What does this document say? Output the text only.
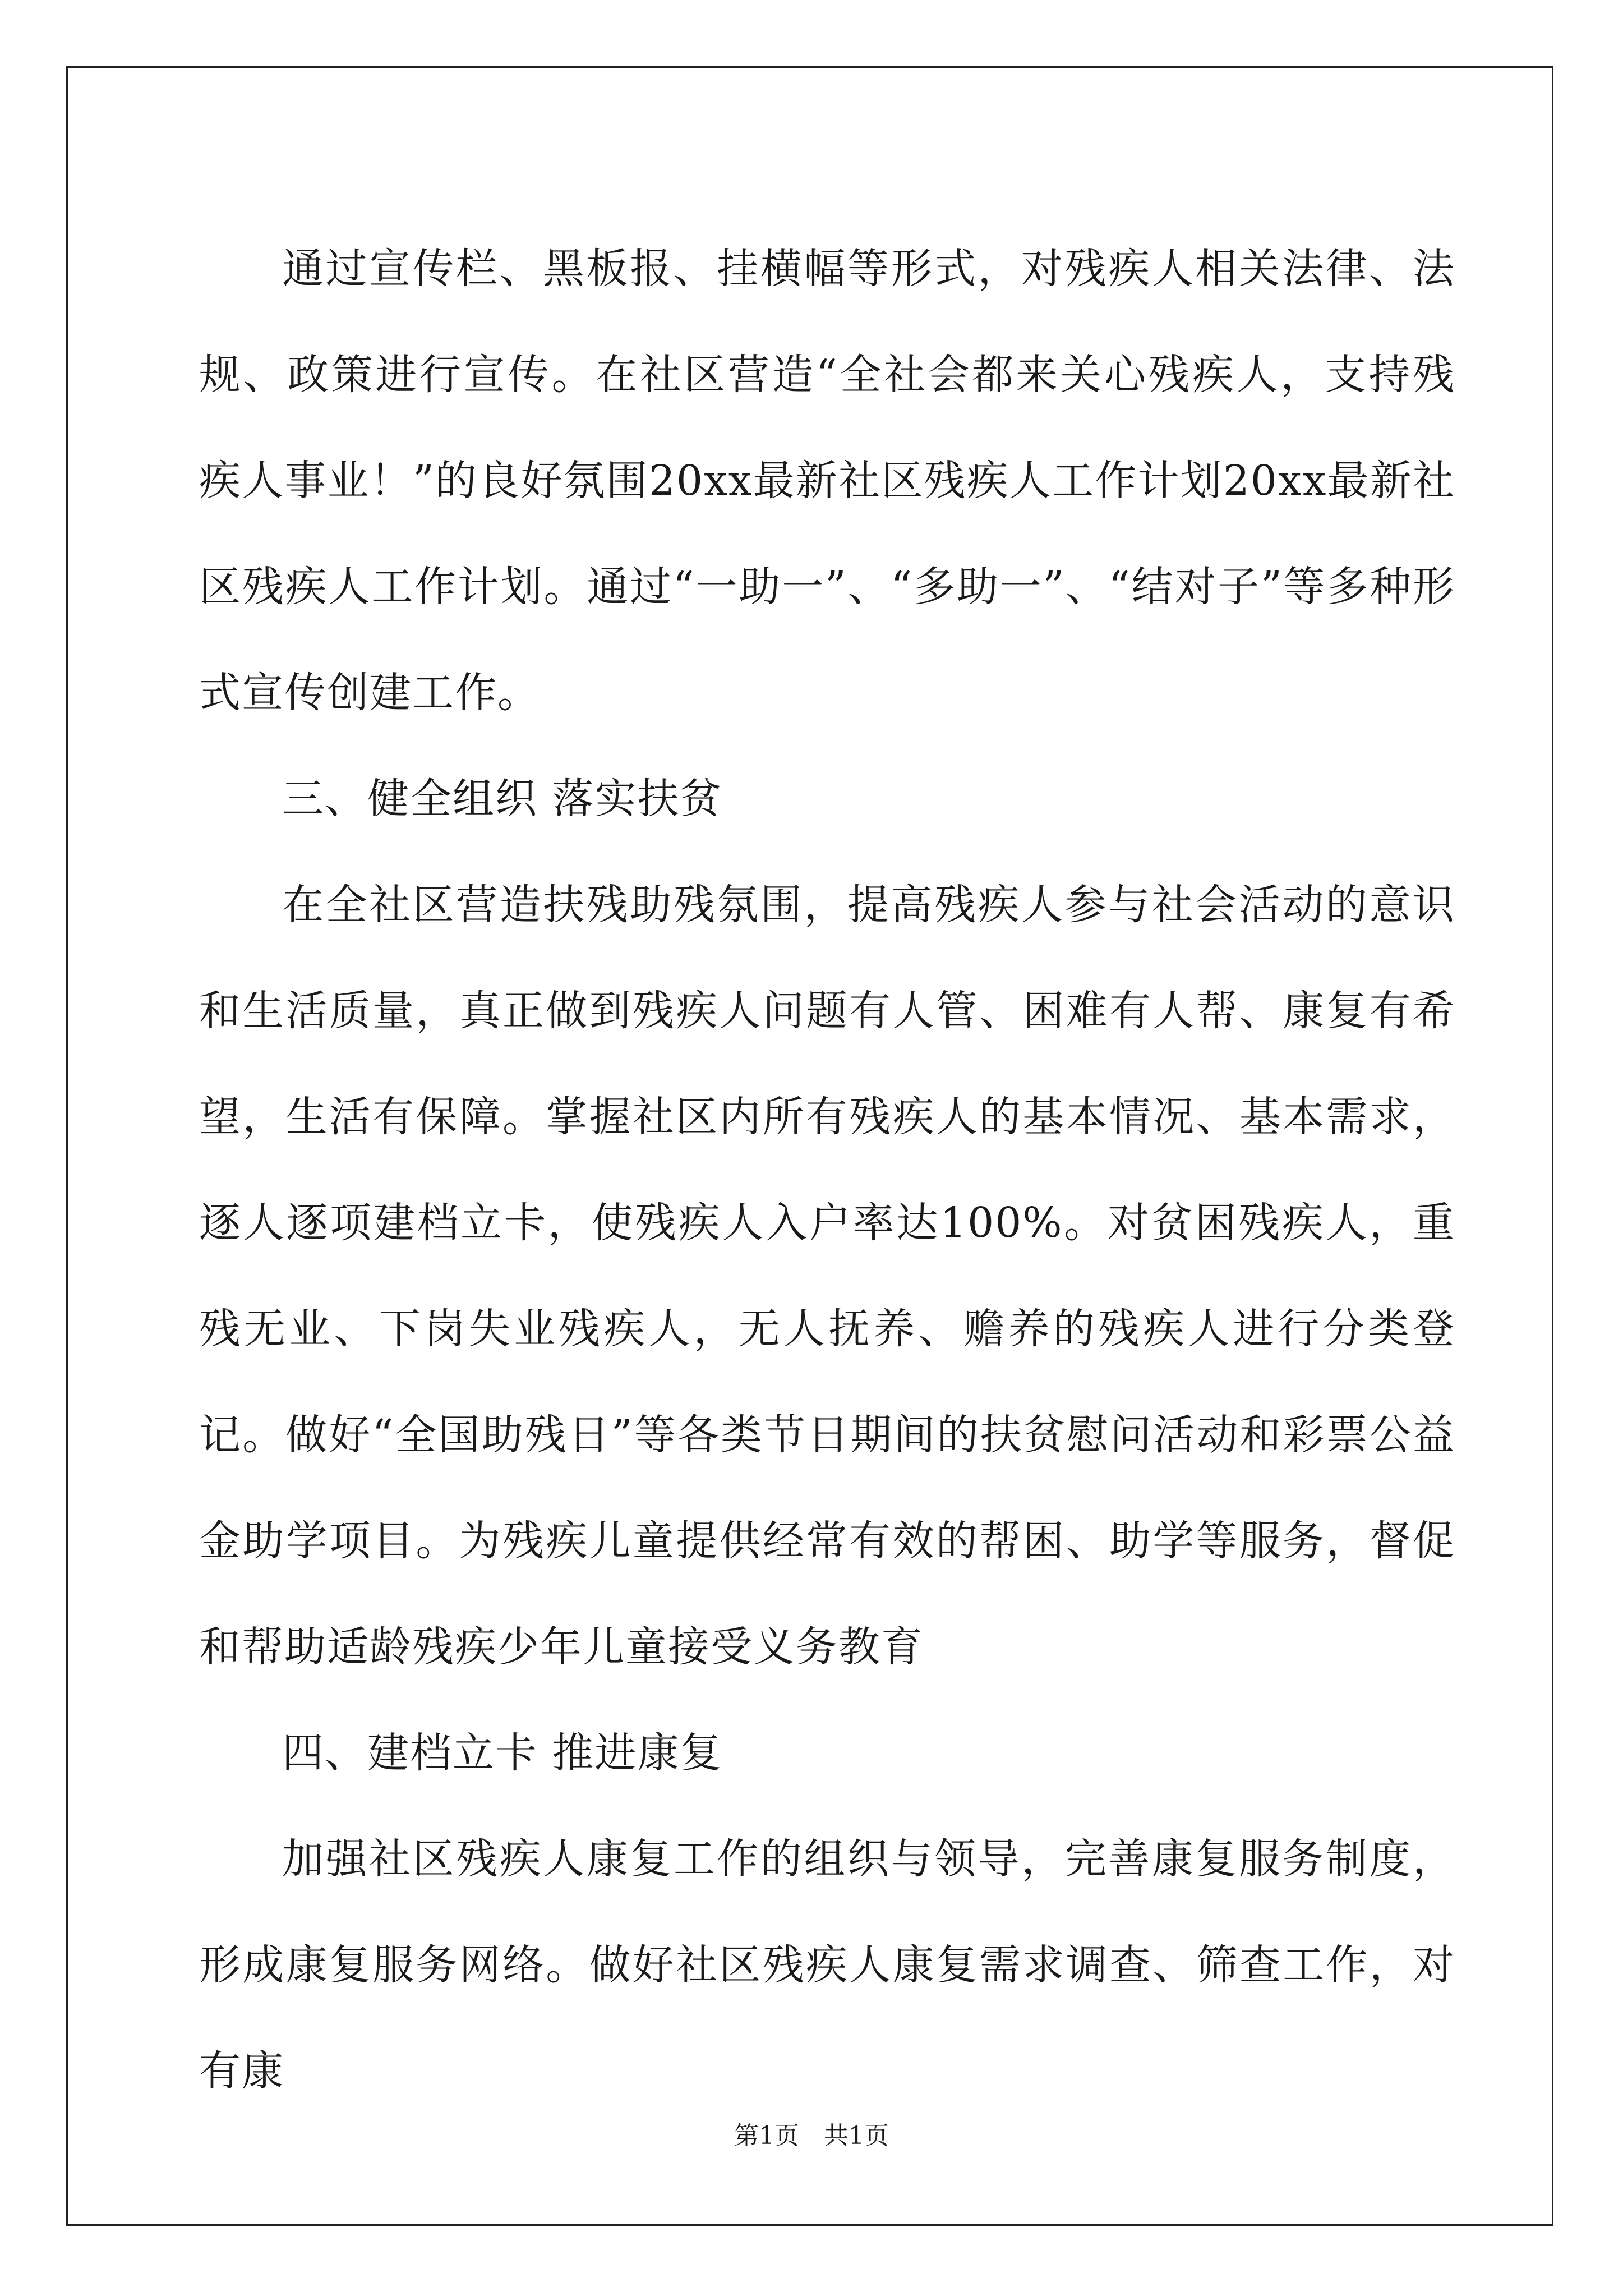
通过宣传栏、黑板报、挂横幅等形式，对残疾人相关法律、法规、政策进行宣传。在社区营造“全社会都来关心残疾人，支持残疾人事业！”的良好氛围20xx最新社区残疾人工作计划20xx最新社区残疾人工作计划。通过“一助一”、“多助一”、“结对子”等多种形式宣传创建工作。

三、健全组织 落实扶贫

在全社区营造扶残助残氛围，提高残疾人参与社会活动的意识和生活质量，真正做到残疾人问题有人管、困难有人帮、康复有希望，生活有保障。掌握社区内所有残疾人的基本情况、基本需求，逐人逐项建档立卡，使残疾人入户率达100%。对贫困残疾人，重残无业、下岗失业残疾人，无人抚养、赡养的残疾人进行分类登记。做好“全国助残日”等各类节日期间的扶贫慰问活动和彩票公益金助学项目。为残疾儿童提供经常有效的帮困、助学等服务，督促和帮助适龄残疾少年儿童接受义务教育

四、建档立卡 推进康复

加强社区残疾人康复工作的组织与领导，完善康复服务制度，形成康复服务网络。做好社区残疾人康复需求调查、筛查工作，对有康

第1页　共1页
